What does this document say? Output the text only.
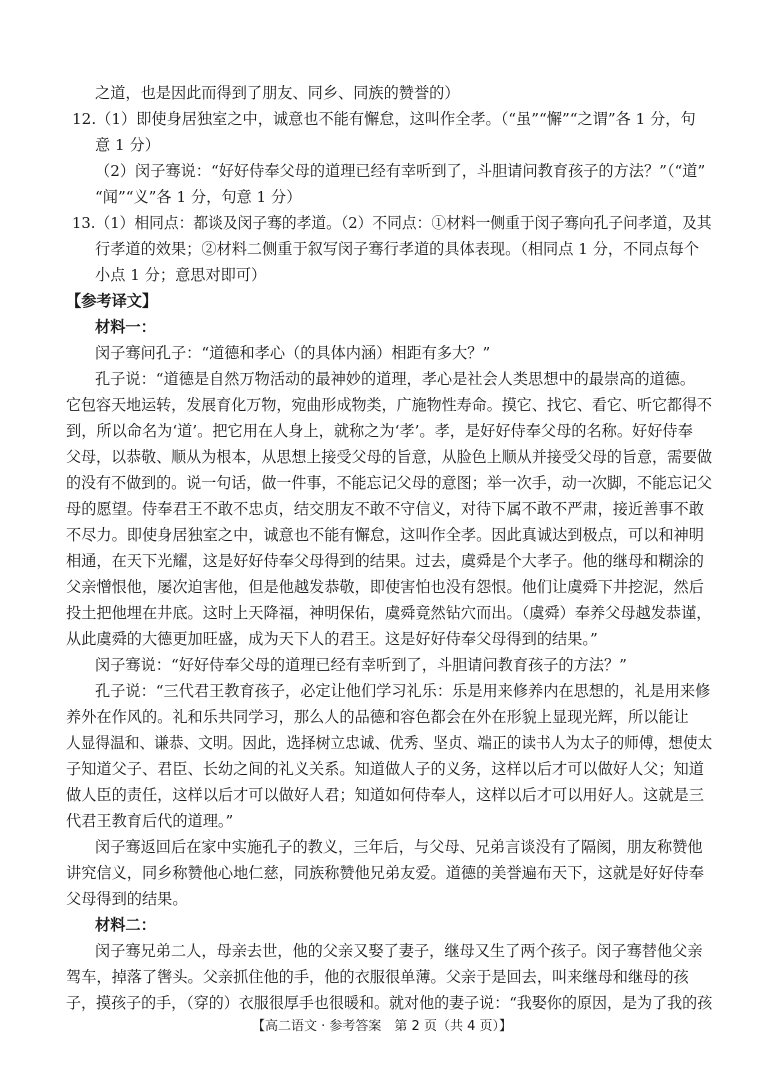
之道，也是因此而得到了朋友、同乡、同族的赞誉的）
12.（1）即使身居独室之中，诚意也不能有懈怠，这叫作全孝。（“虽”“懈”“之谓”各 1 分，句
意 1 分）
（2）闵子骞说：“好好侍奉父母的道理已经有幸听到了，斗胆请问教育孩子的方法？”（“道”
“闻”“义”各 1 分，句意 1 分）
13.（1）相同点：都谈及闵子骞的孝道。（2）不同点：①材料一侧重于闵子骞向孔子问孝道，及其
行孝道的效果；②材料二侧重于叙写闵子骞行孝道的具体表现。（相同点 1 分，不同点每个
小点 1 分；意思对即可）
【参考译文】
材料一：
闵子骞问孔子：“道德和孝心（的具体内涵）相距有多大？”
孔子说：“道德是自然万物活动的最神妙的道理，孝心是社会人类思想中的最崇高的道德。
它包容天地运转，发展育化万物，宛曲形成物类，广施物性寿命。摸它、找它、看它、听它都得不
到，所以命名为‘道’。把它用在人身上，就称之为‘孝’。孝，是好好侍奉父母的名称。好好侍奉
父母，以恭敬、顺从为根本，从思想上接受父母的旨意，从脸色上顺从并接受父母的旨意，需要做
的没有不做到的。说一句话，做一件事，不能忘记父母的意图；举一次手，动一次脚，不能忘记父
母的愿望。侍奉君王不敢不忠贞，结交朋友不敢不守信义，对待下属不敢不严肃，接近善事不敢
不尽力。即使身居独室之中，诚意也不能有懈怠，这叫作全孝。因此真诚达到极点，可以和神明
相通，在天下光耀，这是好好侍奉父母得到的结果。过去，虞舜是个大孝子。他的继母和糊涂的
父亲憎恨他，屡次迫害他，但是他越发恭敬，即使害怕也没有怨恨。他们让虞舜下井挖泥，然后
投土把他埋在井底。这时上天降福，神明保佑，虞舜竟然钻穴而出。（虞舜）奉养父母越发恭谨，
从此虞舜的大德更加旺盛，成为天下人的君王。这是好好侍奉父母得到的结果。”
闵子骞说：“好好侍奉父母的道理已经有幸听到了，斗胆请问教育孩子的方法？”
孔子说：“三代君王教育孩子，必定让他们学习礼乐：乐是用来修养内在思想的，礼是用来修
养外在作风的。礼和乐共同学习，那么人的品德和容色都会在外在形貌上显现光辉，所以能让
人显得温和、谦恭、文明。因此，选择树立忠诚、优秀、坚贞、端正的读书人为太子的师傅，想使太
子知道父子、君臣、长幼之间的礼义关系。知道做人子的义务，这样以后才可以做好人父；知道
做人臣的责任，这样以后才可以做好人君；知道如何侍奉人，这样以后才可以用好人。这就是三
代君王教育后代的道理。”
闵子骞返回后在家中实施孔子的教义，三年后，与父母、兄弟言谈没有了隔阂，朋友称赞他
讲究信义，同乡称赞他心地仁慈，同族称赞他兄弟友爱。道德的美誉遍布天下，这就是好好侍奉
父母得到的结果。
材料二：
闵子骞兄弟二人，母亲去世，他的父亲又娶了妻子，继母又生了两个孩子。闵子骞替他父亲
驾车，掉落了辔头。父亲抓住他的手，他的衣服很单薄。父亲于是回去，叫来继母和继母的孩
子，摸孩子的手，（穿的）衣服很厚手也很暖和。就对他的妻子说：“我娶你的原因，是为了我的孩
【高二语文 · 参考答案　第 2 页（共 4 页）】
